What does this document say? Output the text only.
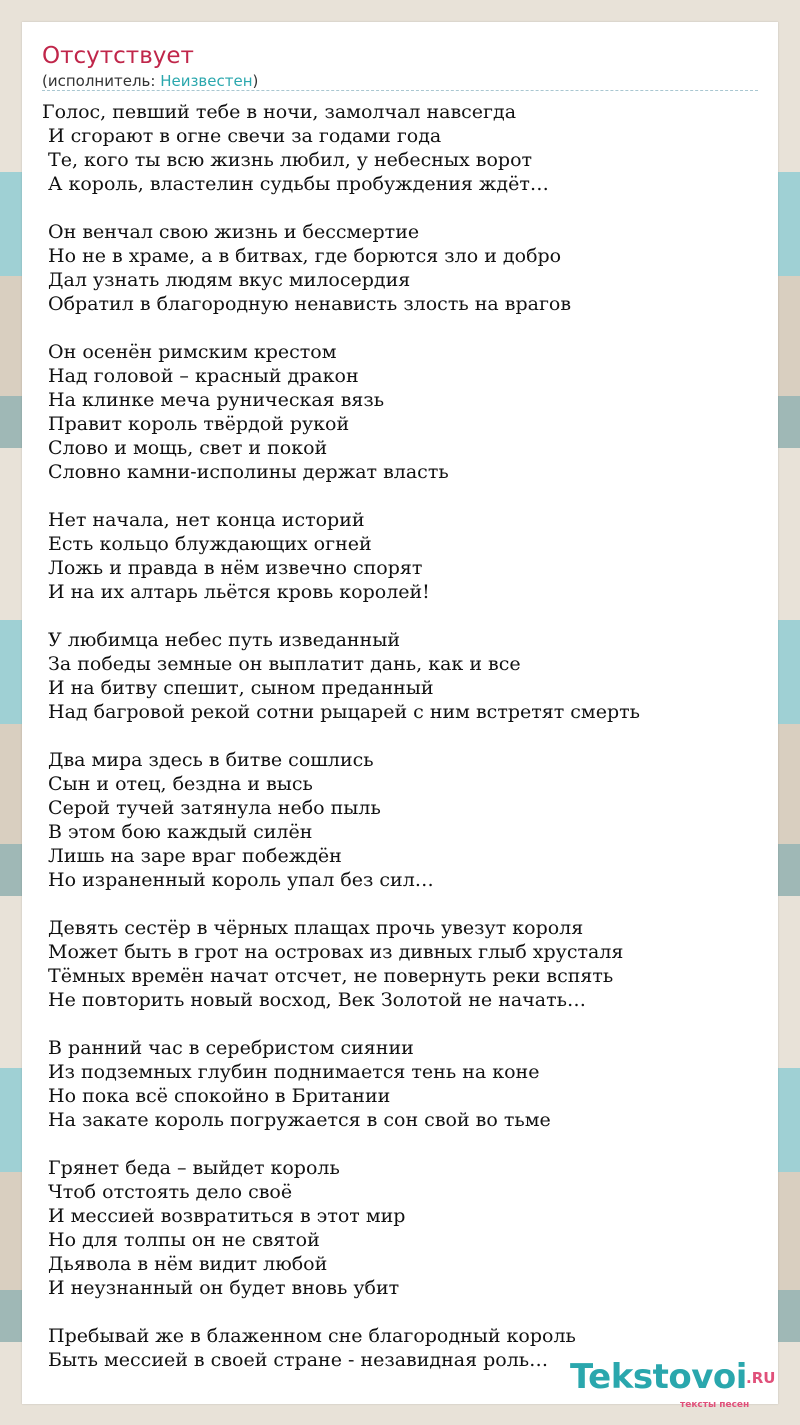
Отсутствует
(исполнитель: Неизвестен)
Голос, певший тебе в ночи, замолчал навсегда
И сгорают в огне свечи за годами года
Те, кого ты всю жизнь любил, у небесных ворот
А король, властелин судьбы пробуждения ждёт…
Он венчал свою жизнь и бессмертие
Но не в храме, а в битвах, где борются зло и добро
Дал узнать людям вкус милосердия
Обратил в благородную ненависть злость на врагов
Он осенён римским крестом
Над головой – красный дракон
На клинке меча руническая вязь
Правит король твёрдой рукой
Слово и мощь, свет и покой
Словно камни-исполины держат власть
Нет начала, нет конца историй
Есть кольцо блуждающих огней
Ложь и правда в нём извечно спорят
И на их алтарь льётся кровь королей!
У любимца небес путь изведанный
За победы земные он выплатит дань, как и все
И на битву спешит, сыном преданный
Над багровой рекой сотни рыцарей с ним встретят смерть
Два мира здесь в битве сошлись
Сын и отец, бездна и высь
Серой тучей затянула небо пыль
В этом бою каждый силён
Лишь на заре враг побеждён
Но израненный король упал без сил…
Девять сестёр в чёрных плащах прочь увезут короля
Может быть в грот на островах из дивных глыб хрусталя
Тёмных времён начат отсчет, не повернуть реки вспять
Не повторить новый восход, Век Золотой не начать…
В ранний час в серебристом сиянии
Из подземных глубин поднимается тень на коне
Но пока всё спокойно в Британии
На закате король погружается в сон свой во тьме
Грянет беда – выйдет король
Чтоб отстоять дело своё
И мессией возвратиться в этот мир
Но для толпы он не святой
Дьявола в нём видит любой
И неузнанный он будет вновь убит
Пребывай же в блаженном сне благородный король
Быть мессией в своей стране - незавидная роль… Tekstovoi .RU
тексты песен
